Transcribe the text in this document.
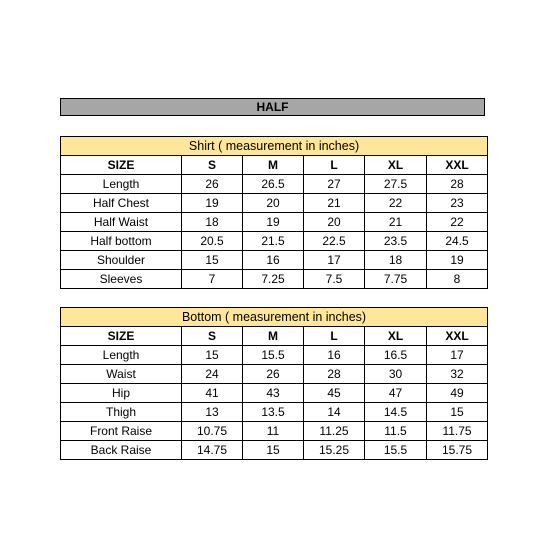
HALF
Shirt ( measurement in inches)					
SIZE	S	M	L	XL	XXL
Length	26	26.5	27	27.5	28
Half Chest	19	20	21	22	23
Half Waist	18	19	20	21	22
Half bottom	20.5	21.5	22.5	23.5	24.5
Shoulder	15	16	17	18	19
Sleeves	7	7.25	7.5	7.75	8
Bottom ( measurement in inches)					
SIZE	S	M	L	XL	XXL
Length	15	15.5	16	16.5	17
Waist	24	26	28	30	32
Hip	41	43	45	47	49
Thigh	13	13.5	14	14.5	15
Front Raise	10.75	11	11.25	11.5	11.75
Back Raise	14.75	15	15.25	15.5	15.75
